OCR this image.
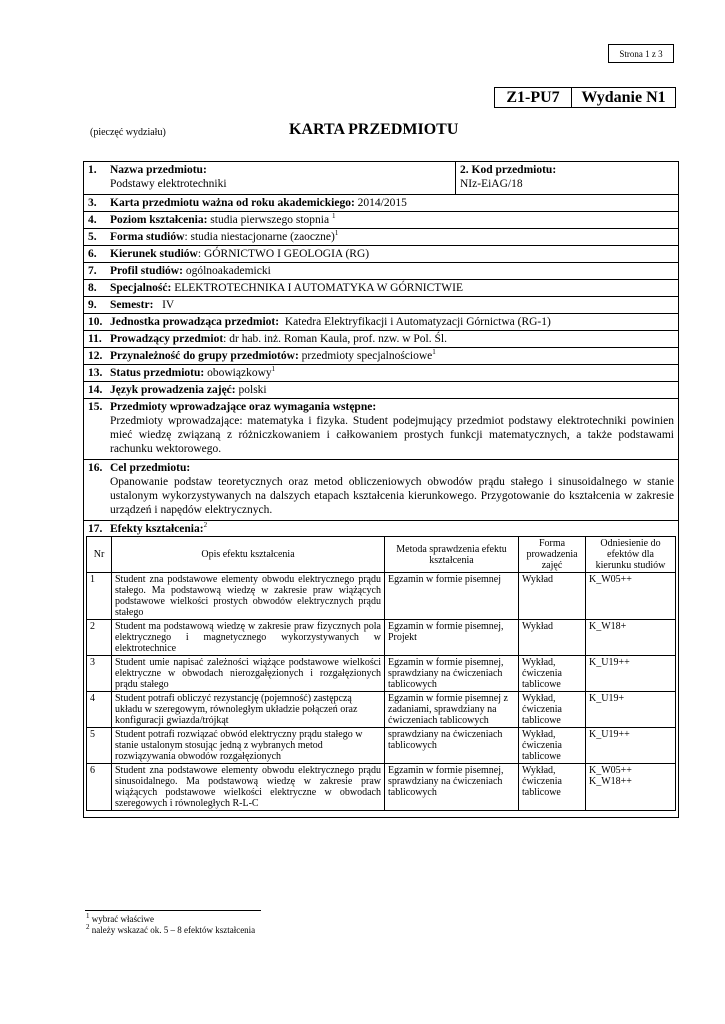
Strona 1 z 3
Z1-PU7	Wydanie N1
(pieczęć wydziału)	KARTA PRZEDMIOTU
1. Nazwa przedmiotu:
Podstawy elektrotechniki	2. Kod przedmiotu:
NIz-EiAG/18
3. Karta przedmiotu ważna od roku akademickiego: 2014/2015
4. Poziom kształcenia: studia pierwszego stopnia $^1$
5. Forma studiów: studia niestacjonarne (zaoczne)$^1$
6. Kierunek studiów: GÓRNICTWO I GEOLOGIA (RG)
7. Profil studiów: ogólnoakademicki
8. Specjalność: ELEKTROTECHNIKA I AUTOMATYKA W GÓRNICTWIE
9. Semestr: IV
10. Jednostka prowadząca przedmiot: Katedra Elektryfikacji i Automatyzacji Górnictwa (RG-1)
11. Prowadzący przedmiot: dr hab. inż. Roman Kaula, prof. nzw. w Pol. Śl.
12. Przynależność do grupy przedmiotów: przedmioty specjalnościowe$^1$
13. Status przedmiotu: obowiązkowy$^1$
14. Język prowadzenia zajęć: polski
15. Przedmioty wprowadzające oraz wymagania wstępne:
Przedmioty wprowadzające: matematyka i fizyka. Student podejmujący przedmiot podstawy elektrotechniki powinien mieć wiedzę związaną z różniczkowaniem i całkowaniem prostych funkcji matematycznych, a także podstawami rachunku wektorowego.

16. Cel przedmiotu:
Opanowanie podstaw teoretycznych oraz metod obliczeniowych obwodów prądu stałego i sinusoidalnego w stanie ustalonym wykorzystywanych na dalszych etapach kształcenia kierunkowego. Przygotowanie do kształcenia w zakresie urządzeń i napędów elektrycznych.

17. Efekty kształcenia:$^2$
Nr	Opis efektu kształcenia	Metoda sprawdzenia efektu kształcenia	Forma prowadzenia zajęć	Odniesienie do efektów dla kierunku studiów
1	Student zna podstawowe elementy obwodu elektrycznego prądu stałego. Ma podstawową wiedzę w zakresie praw wiążących podstawowe wielkości prostych obwodów elektrycznych prądu stałego	Egzamin w formie pisemnej	Wykład	K_W05++
2	Student ma podstawową wiedzę w zakresie praw fizycznych pola elektrycznego i magnetycznego wykorzystywanych w elektrotechnice	Egzamin w formie pisemnej, Projekt	Wykład	K_W18+
3	Student umie napisać zależności wiążące podstawowe wielkości elektryczne w obwodach nierozgałęzionych i rozgałęzionych prądu stałego	Egzamin w formie pisemnej, sprawdziany na ćwiczeniach tablicowych	Wykład, ćwiczenia tablicowe	K_U19++
4	Student potrafi obliczyć rezystancję (pojemność) zastępczą układu w szeregowym, równoległym układzie połączeń oraz konfiguracji gwiazda/trójkąt	Egzamin w formie pisemnej z zadaniami, sprawdziany na ćwiczeniach tablicowych	Wykład, ćwiczenia tablicowe	K_U19+
5	Student potrafi rozwiązać obwód elektryczny prądu stałego w stanie ustalonym stosując jedną z wybranych metod rozwiązywania obwodów rozgałęzionych	sprawdziany na ćwiczeniach tablicowych	Wykład, ćwiczenia tablicowe	K_U19++
6	Student zna podstawowe elementy obwodu elektrycznego prądu sinusoidalnego. Ma podstawową wiedzę w zakresie praw wiążących podstawowe wielkości elektryczne w obwodach szeregowych i równoległych R-L-C	Egzamin w formie pisemnej, sprawdziany na ćwiczeniach tablicowych	Wykład, ćwiczenia tablicowe	K_W05++
K_W18++
$^1$ wybrać właściwe
$^2$ należy wskazać ok. 5 – 8 efektów kształcenia
